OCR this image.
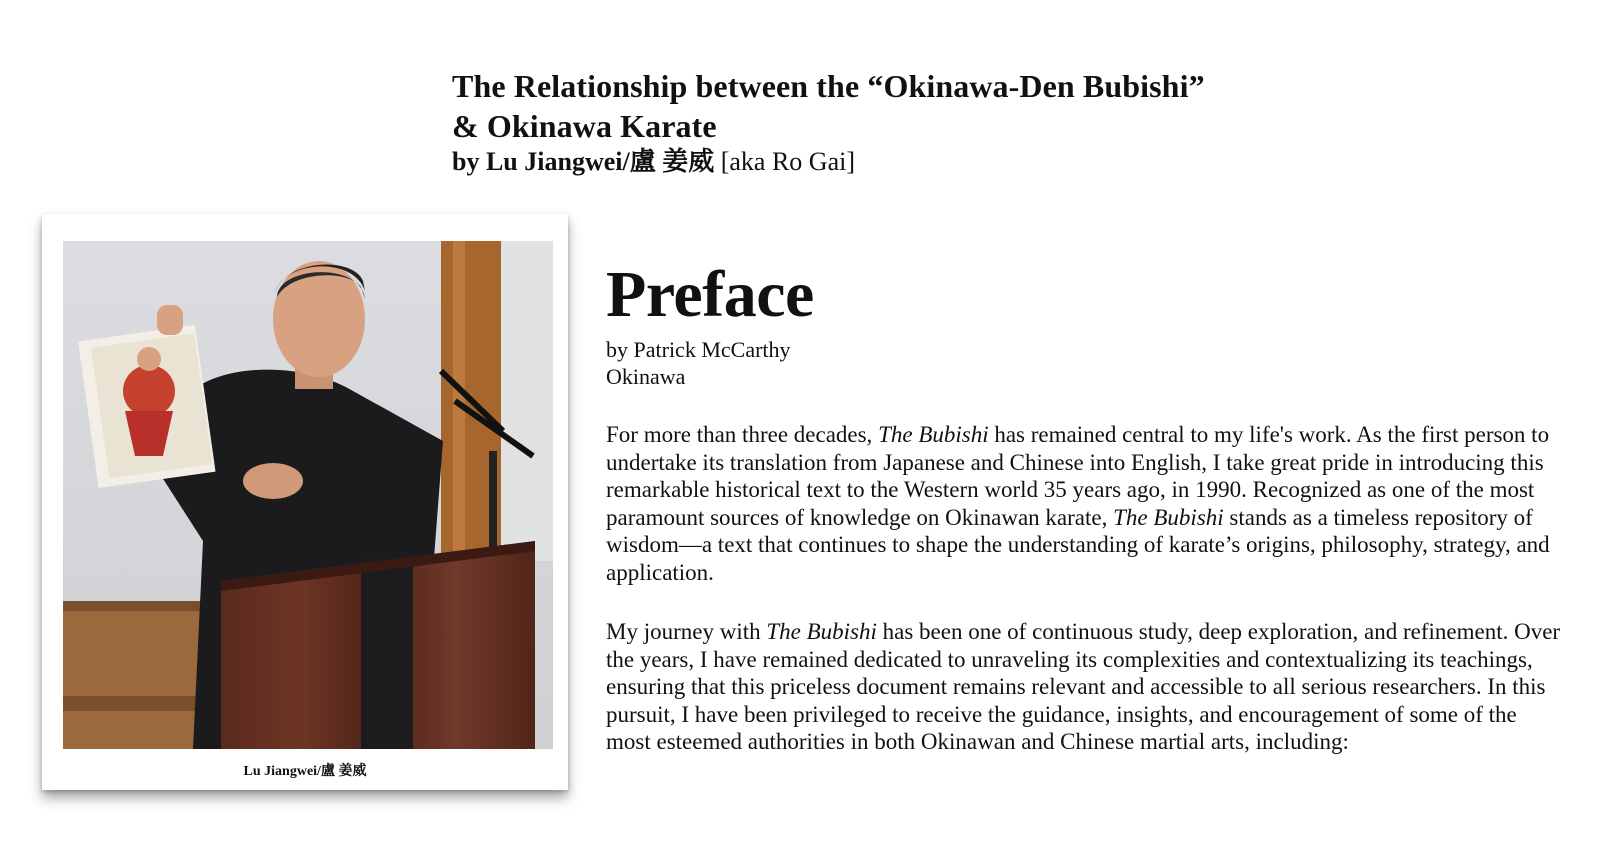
The Relationship between the “Okinawa-Den Bubishi”
& Okinawa Karate
by Lu Jiangwei/盧 姜威 [aka Ro Gai]
Lu Jiangwei/盧 姜威
Preface
by Patrick McCarthy
Okinawa

For more than three decades, The Bubishi has remained central to my life's work. As the first person to undertake its translation from Japanese and Chinese into English, I take great pride in introducing this remarkable historical text to the Western world 35 years ago, in 1990. Recognized as one of the most paramount sources of knowledge on Okinawan karate, The Bubishi stands as a timeless repository of wisdom—a text that continues to shape the understanding of karate’s origins, philosophy, strategy, and application.

My journey with The Bubishi has been one of continuous study, deep exploration, and refinement. Over the years, I have remained dedicated to unraveling its complexities and contextualizing its teachings, ensuring that this priceless document remains relevant and accessible to all serious researchers. In this pursuit, I have been privileged to receive the guidance, insights, and encouragement of some of the most esteemed authorities in both Okinawan and Chinese martial arts, including:
